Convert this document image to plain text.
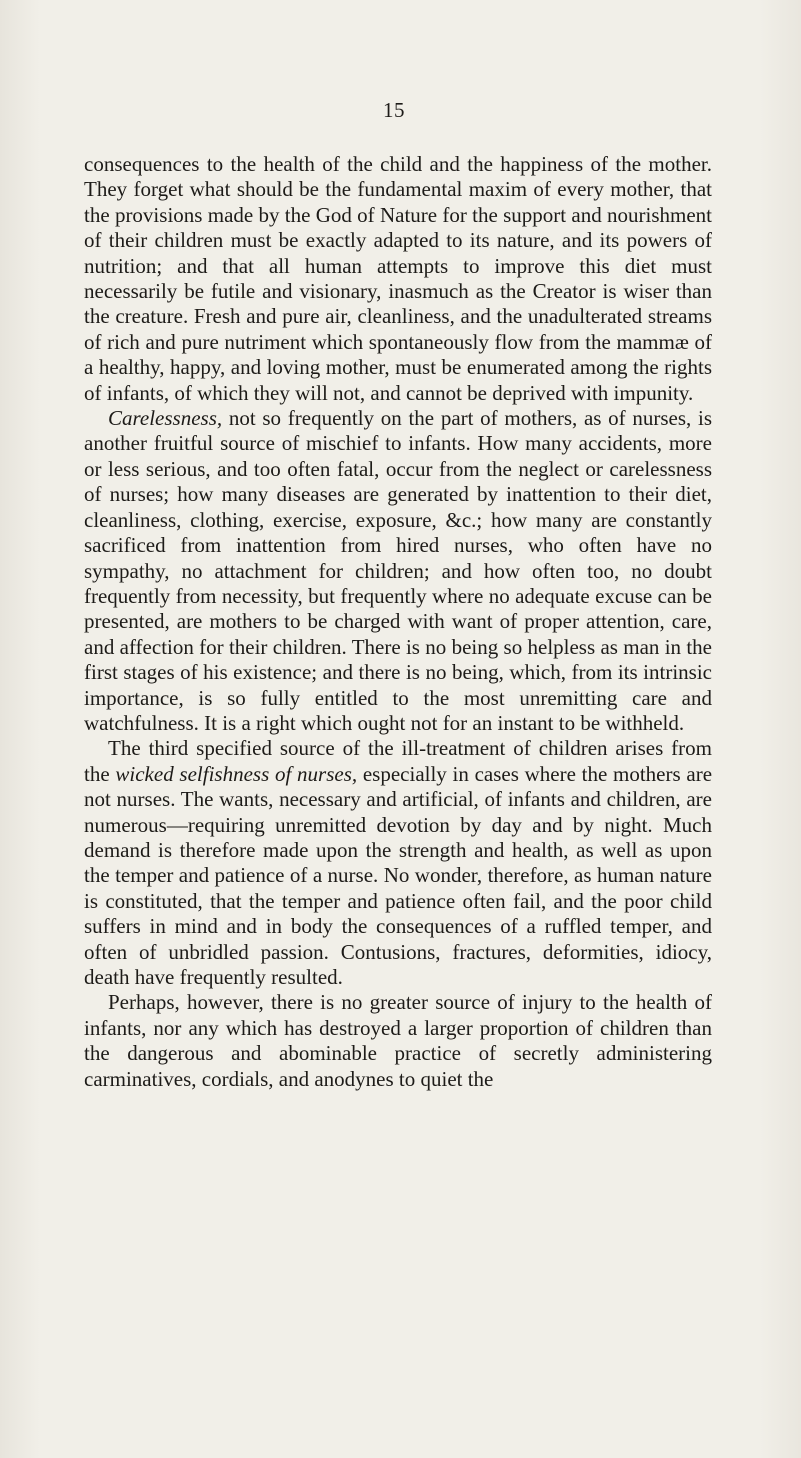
15

consequences to the health of the child and the happiness of the mother. They forget what should be the fundamental maxim of every mother, that the provisions made by the God of Nature for the support and nourishment of their children must be exactly adapted to its nature, and its powers of nutrition; and that all human attempts to improve this diet must necessarily be futile and visionary, inasmuch as the Creator is wiser than the creature. Fresh and pure air, cleanliness, and the unadulterated streams of rich and pure nutriment which spontaneously flow from the mammæ of a healthy, happy, and loving mother, must be enumerated among the rights of infants, of which they will not, and cannot be deprived with impunity.

Carelessness, not so frequently on the part of mothers, as of nurses, is another fruitful source of mischief to infants. How many accidents, more or less serious, and too often fatal, occur from the neglect or carelessness of nurses; how many diseases are generated by inattention to their diet, cleanliness, clothing, exercise, exposure, &c.; how many are constantly sacrificed from inattention from hired nurses, who often have no sympathy, no attachment for children; and how often too, no doubt frequently from necessity, but frequently where no adequate excuse can be presented, are mothers to be charged with want of proper attention, care, and affection for their children. There is no being so helpless as man in the first stages of his existence; and there is no being, which, from its intrinsic importance, is so fully entitled to the most unremitting care and watchfulness. It is a right which ought not for an instant to be withheld.

The third specified source of the ill-treatment of children arises from the wicked selfishness of nurses, especially in cases where the mothers are not nurses. The wants, necessary and artificial, of infants and children, are numerous—requiring unremitted devotion by day and by night. Much demand is therefore made upon the strength and health, as well as upon the temper and patience of a nurse. No wonder, therefore, as human nature is constituted, that the temper and patience often fail, and the poor child suffers in mind and in body the consequences of a ruffled temper, and often of unbridled passion. Contusions, fractures, deformities, idiocy, death have frequently resulted.

Perhaps, however, there is no greater source of injury to the health of infants, nor any which has destroyed a larger proportion of children than the dangerous and abominable practice of secretly administering carminatives, cordials, and anodynes to quiet the
